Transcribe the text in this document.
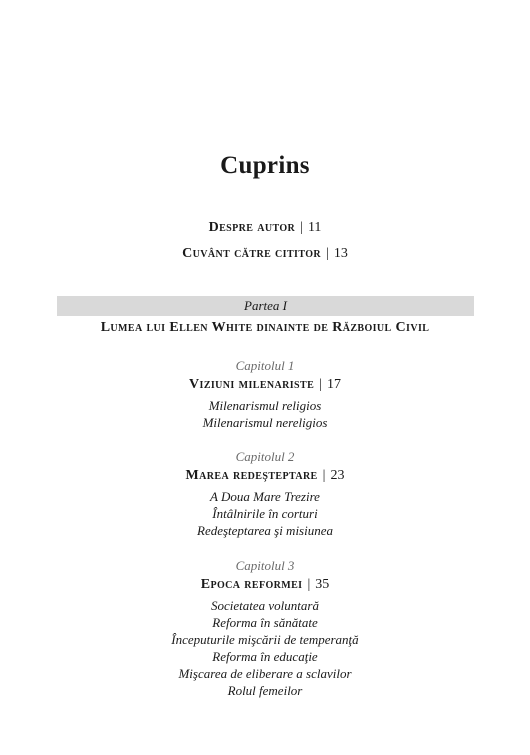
Cuprins
Despre autor | 11
Cuvânt către cititor | 13
Partea I
Lumea lui Ellen White dinainte de Războiul Civil
Capitolul 1
Viziuni milenariste | 17
Milenarismul religios
Milenarismul nereligios
Capitolul 2
Marea redeşteptare | 23
A Doua Mare Trezire
Întâlnirile în corturi
Redeşteptarea şi misiunea
Capitolul 3
Epoca reformei | 35
Societatea voluntară
Reforma în sănătate
Începuturile mişcării de temperanţă
Reforma în educaţie
Mişcarea de eliberare a sclavilor
Rolul femeilor
